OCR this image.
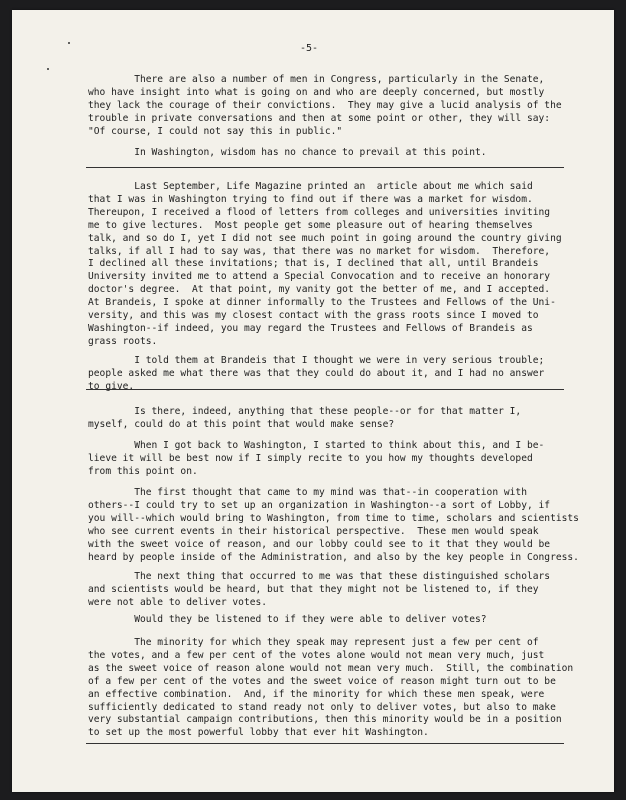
-5-
There are also a number of men in Congress, particularly in the Senate,
who have insight into what is going on and who are deeply concerned, but mostly
they lack the courage of their convictions.  They may give a lucid analysis of the
trouble in private conversations and then at some point or other, they will say:
"Of course, I could not say this in public."
In Washington, wisdom has no chance to prevail at this point.
Last September, Life Magazine printed an  article about me which said
that I was in Washington trying to find out if there was a market for wisdom.
Thereupon, I received a flood of letters from colleges and universities inviting
me to give lectures.  Most people get some pleasure out of hearing themselves
talk, and so do I, yet I did not see much point in going around the country giving
talks, if all I had to say was, that there was no market for wisdom.  Therefore,
I declined all these invitations; that is, I declined that all, until Brandeis
University invited me to attend a Special Convocation and to receive an honorary
doctor's degree.  At that point, my vanity got the better of me, and I accepted.
At Brandeis, I spoke at dinner informally to the Trustees and Fellows of the Uni-
versity, and this was my closest contact with the grass roots since I moved to
Washington--if indeed, you may regard the Trustees and Fellows of Brandeis as
grass roots.
I told them at Brandeis that I thought we were in very serious trouble;
people asked me what there was that they could do about it, and I had no answer
to give.
Is there, indeed, anything that these people--or for that matter I,
myself, could do at this point that would make sense?
When I got back to Washington, I started to think about this, and I be-
lieve it will be best now if I simply recite to you how my thoughts developed
from this point on.
The first thought that came to my mind was that--in cooperation with
others--I could try to set up an organization in Washington--a sort of Lobby, if
you will--which would bring to Washington, from time to time, scholars and scientists
who see current events in their historical perspective.  These men would speak
with the sweet voice of reason, and our lobby could see to it that they would be
heard by people inside of the Administration, and also by the key people in Congress.
The next thing that occurred to me was that these distinguished scholars
and scientists would be heard, but that they might not be listened to, if they
were not able to deliver votes.
Would they be listened to if they were able to deliver votes?
The minority for which they speak may represent just a few per cent of
the votes, and a few per cent of the votes alone would not mean very much, just
as the sweet voice of reason alone would not mean very much.  Still, the combination
of a few per cent of the votes and the sweet voice of reason might turn out to be
an effective combination.  And, if the minority for which these men speak, were
sufficiently dedicated to stand ready not only to deliver votes, but also to make
very substantial campaign contributions, then this minority would be in a position
to set up the most powerful lobby that ever hit Washington.
